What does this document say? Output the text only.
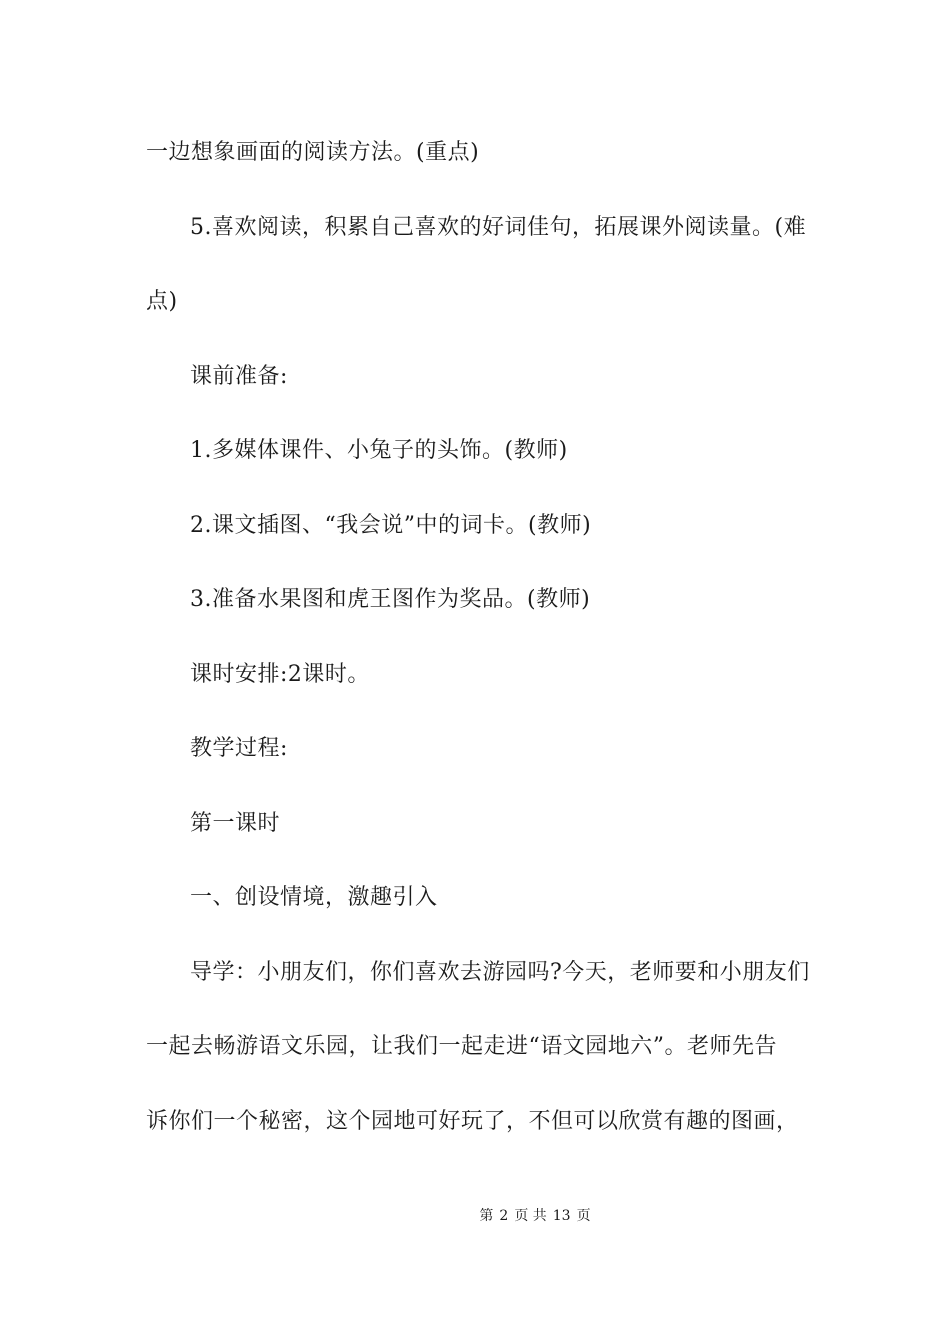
一边想象画面的阅读方法。(重点)
5.喜欢阅读，积累自己喜欢的好词佳句，拓展课外阅读量。(难
点)
课前准备:
1.多媒体课件、小兔子的头饰。(教师)
2.课文插图、“我会说”中的词卡。(教师)
3.准备水果图和虎王图作为奖品。(教师)
课时安排:2课时。
教学过程:
第一课时
一、创设情境，激趣引入
导学：小朋友们，你们喜欢去游园吗?今天，老师要和小朋友们
一起去畅游语文乐园，让我们一起走进“语文园地六”。老师先告
诉你们一个秘密，这个园地可好玩了，不但可以欣赏有趣的图画，
第 2 页 共 13 页
